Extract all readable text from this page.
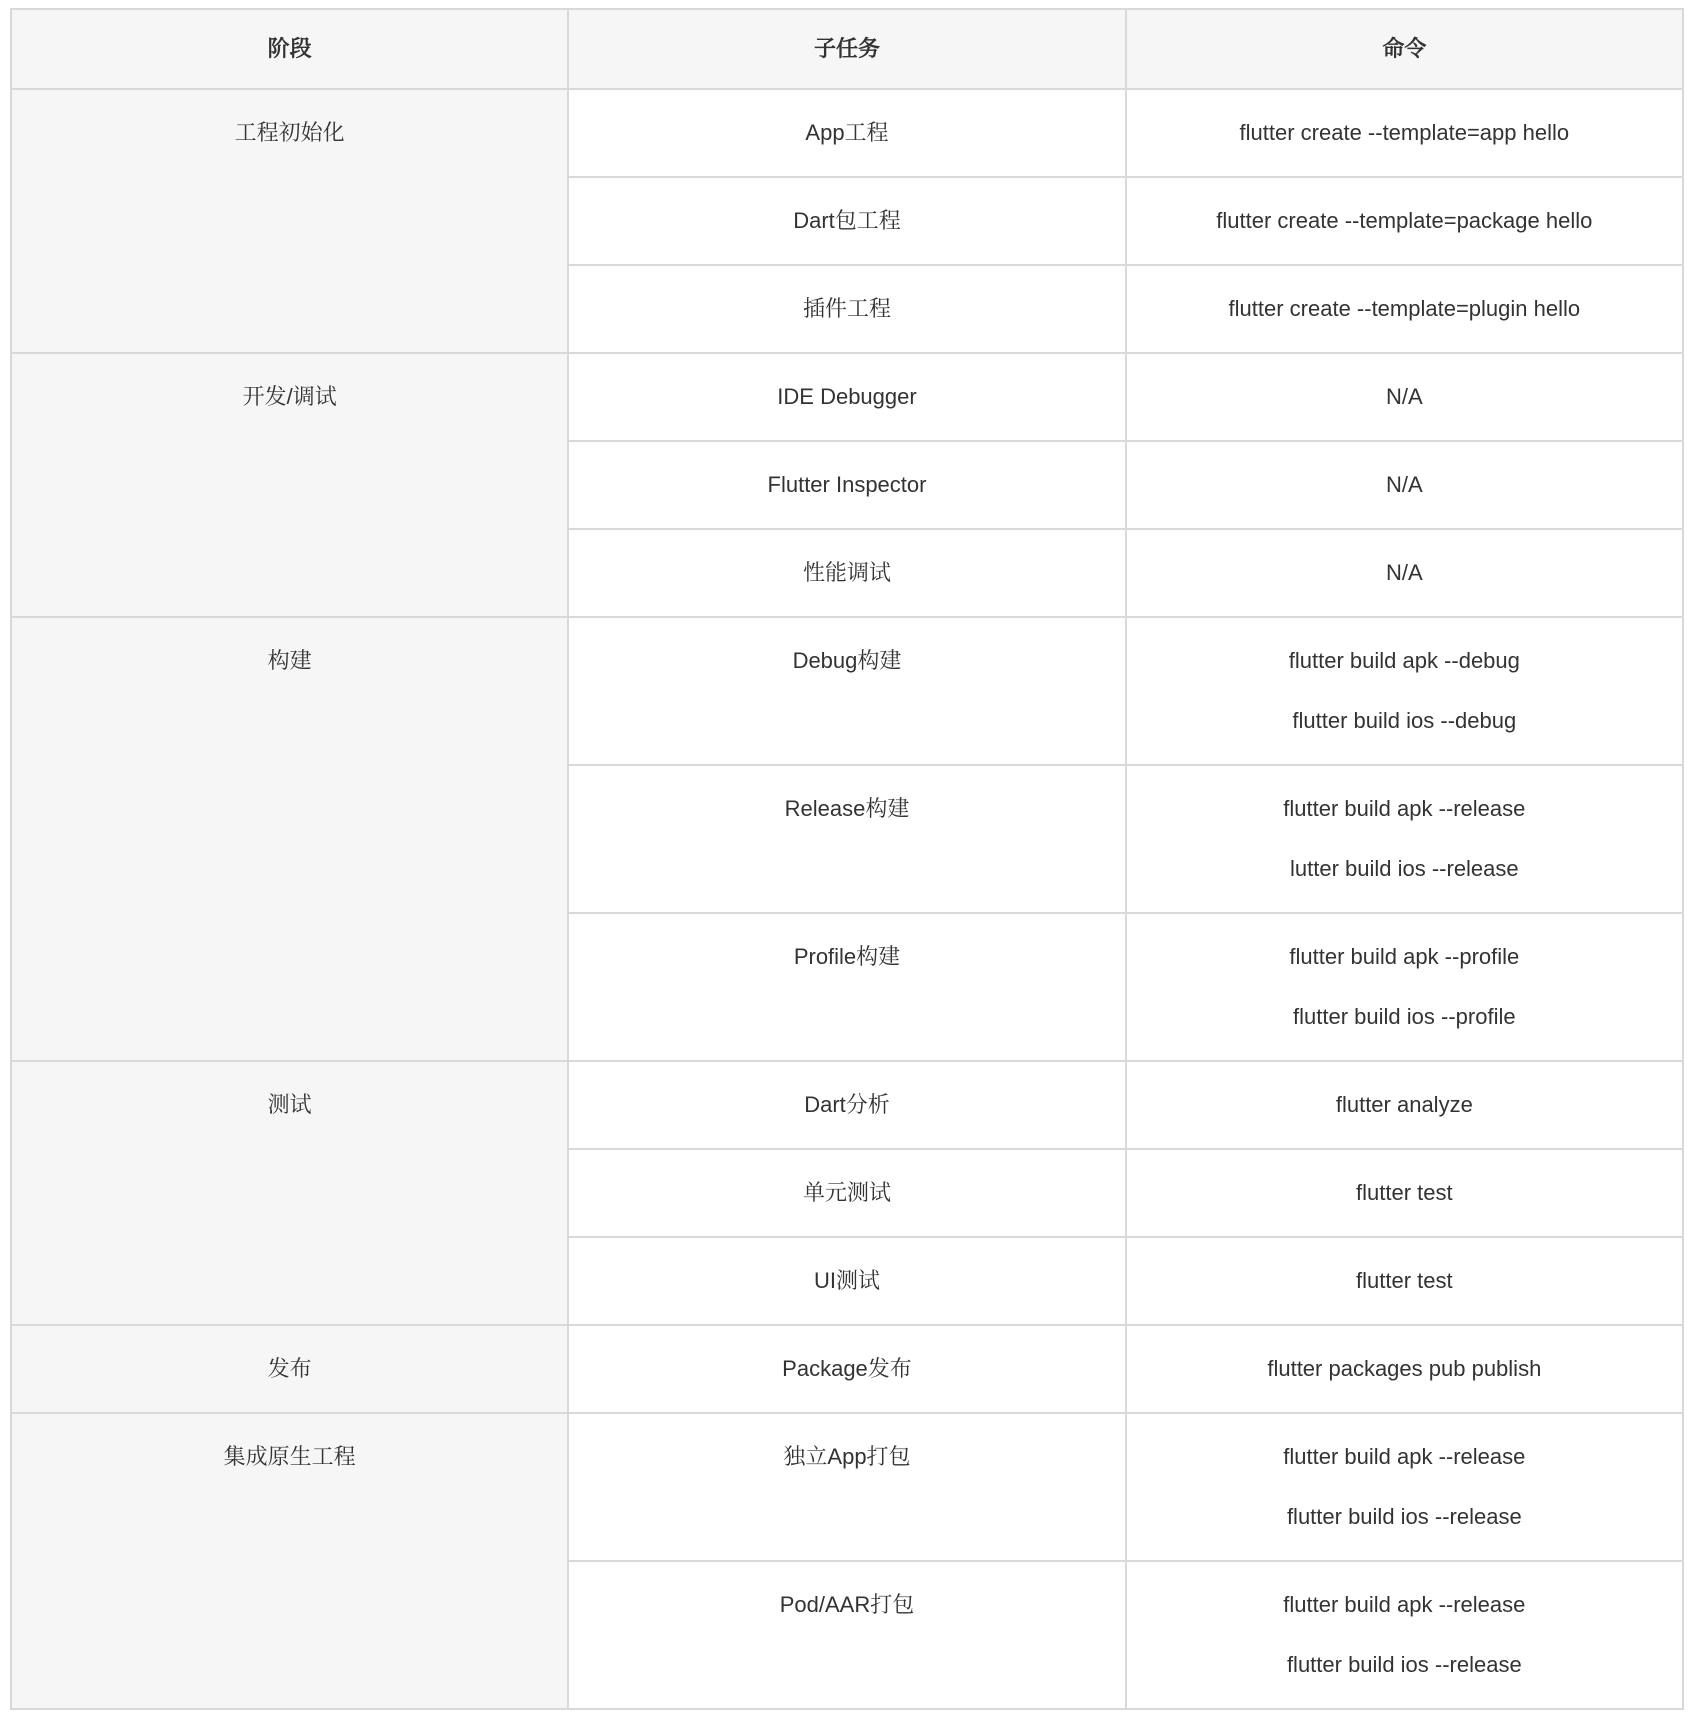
阶段	子任务	命令

工程初始化	App工程	flutter create --template=app hello

	Dart包工程	flutter create --template=package hello

	插件工程	flutter create --template=plugin hello

开发/调试	IDE Debugger	N/A

	Flutter Inspector	N/A

	性能调试	N/A

构建	Debug构建	flutter build apk --debug

flutter build ios --debug

	Release构建	flutter build apk --release

lutter build ios --release

	Profile构建	flutter build apk --profile

flutter build ios --profile

测试	Dart分析	flutter analyze

	单元测试	flutter test

	UI测试	flutter test

发布	Package发布	flutter packages pub publish

集成原生工程	独立App打包	flutter build apk --release

flutter build ios --release

	Pod/AAR打包	flutter build apk --release

flutter build ios --release
